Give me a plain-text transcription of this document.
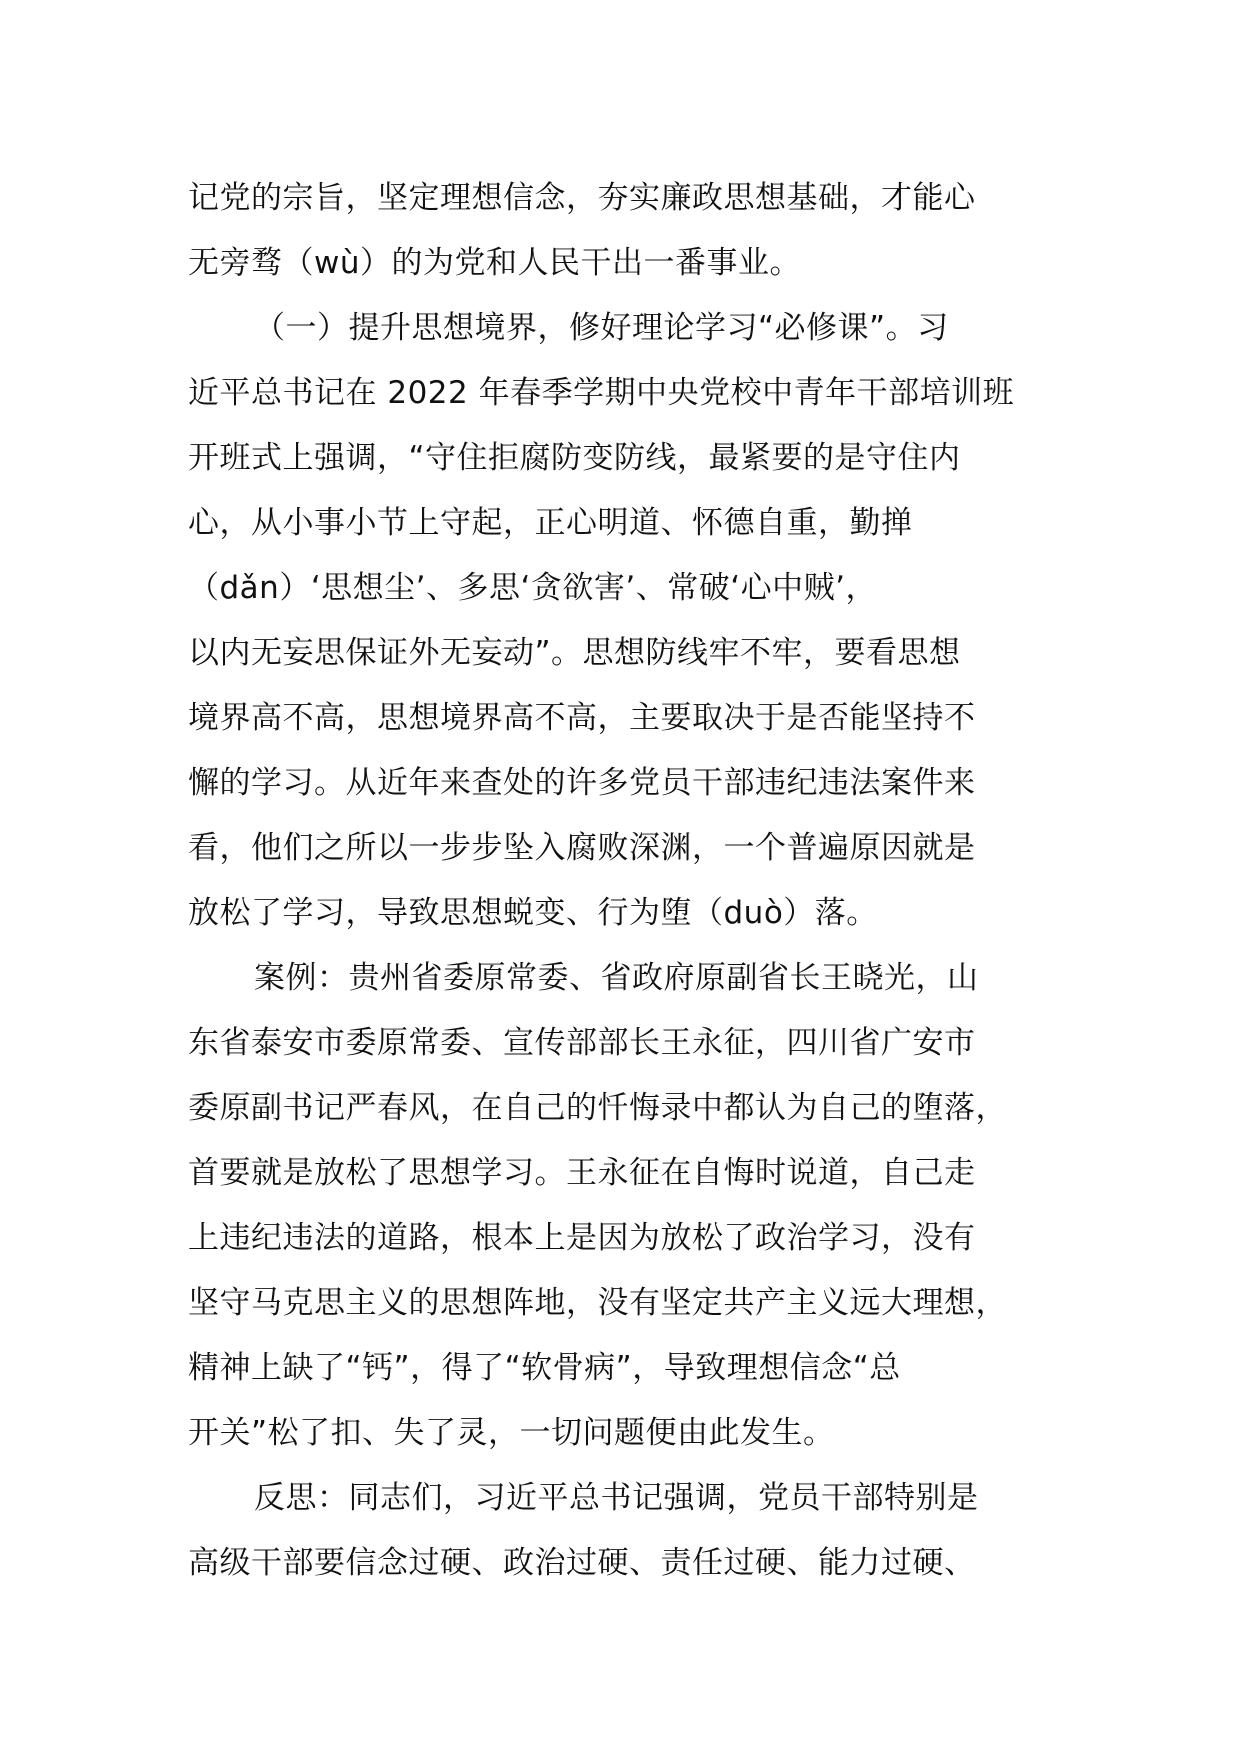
记党的宗旨，坚定理想信念，夯实廉政思想基础，才能心
无旁骛（wù）的为党和人民干出一番事业。
（一）提升思想境界，修好理论学习“必修课”。习
近平总书记在 2022 年春季学期中央党校中青年干部培训班
开班式上强调，“守住拒腐防变防线，最紧要的是守住内
心，从小事小节上守起，正心明道、怀德自重，勤掸
（dǎn）‘思想尘’、多思‘贪欲害’、常破‘心中贼’，
以内无妄思保证外无妄动”。思想防线牢不牢，要看思想
境界高不高，思想境界高不高，主要取决于是否能坚持不
懈的学习。从近年来查处的许多党员干部违纪违法案件来
看，他们之所以一步步坠入腐败深渊，一个普遍原因就是
放松了学习，导致思想蜕变、行为堕（duò）落。
案例：贵州省委原常委、省政府原副省长王晓光，山
东省泰安市委原常委、宣传部部长王永征，四川省广安市
委原副书记严春风，在自己的忏悔录中都认为自己的堕落，
首要就是放松了思想学习。王永征在自悔时说道，自己走
上违纪违法的道路，根本上是因为放松了政治学习，没有
坚守马克思主义的思想阵地，没有坚定共产主义远大理想，
精神上缺了“钙”，得了“软骨病”，导致理想信念“总
开关”松了扣、失了灵，一切问题便由此发生。
反思：同志们，习近平总书记强调，党员干部特别是
高级干部要信念过硬、政治过硬、责任过硬、能力过硬、
